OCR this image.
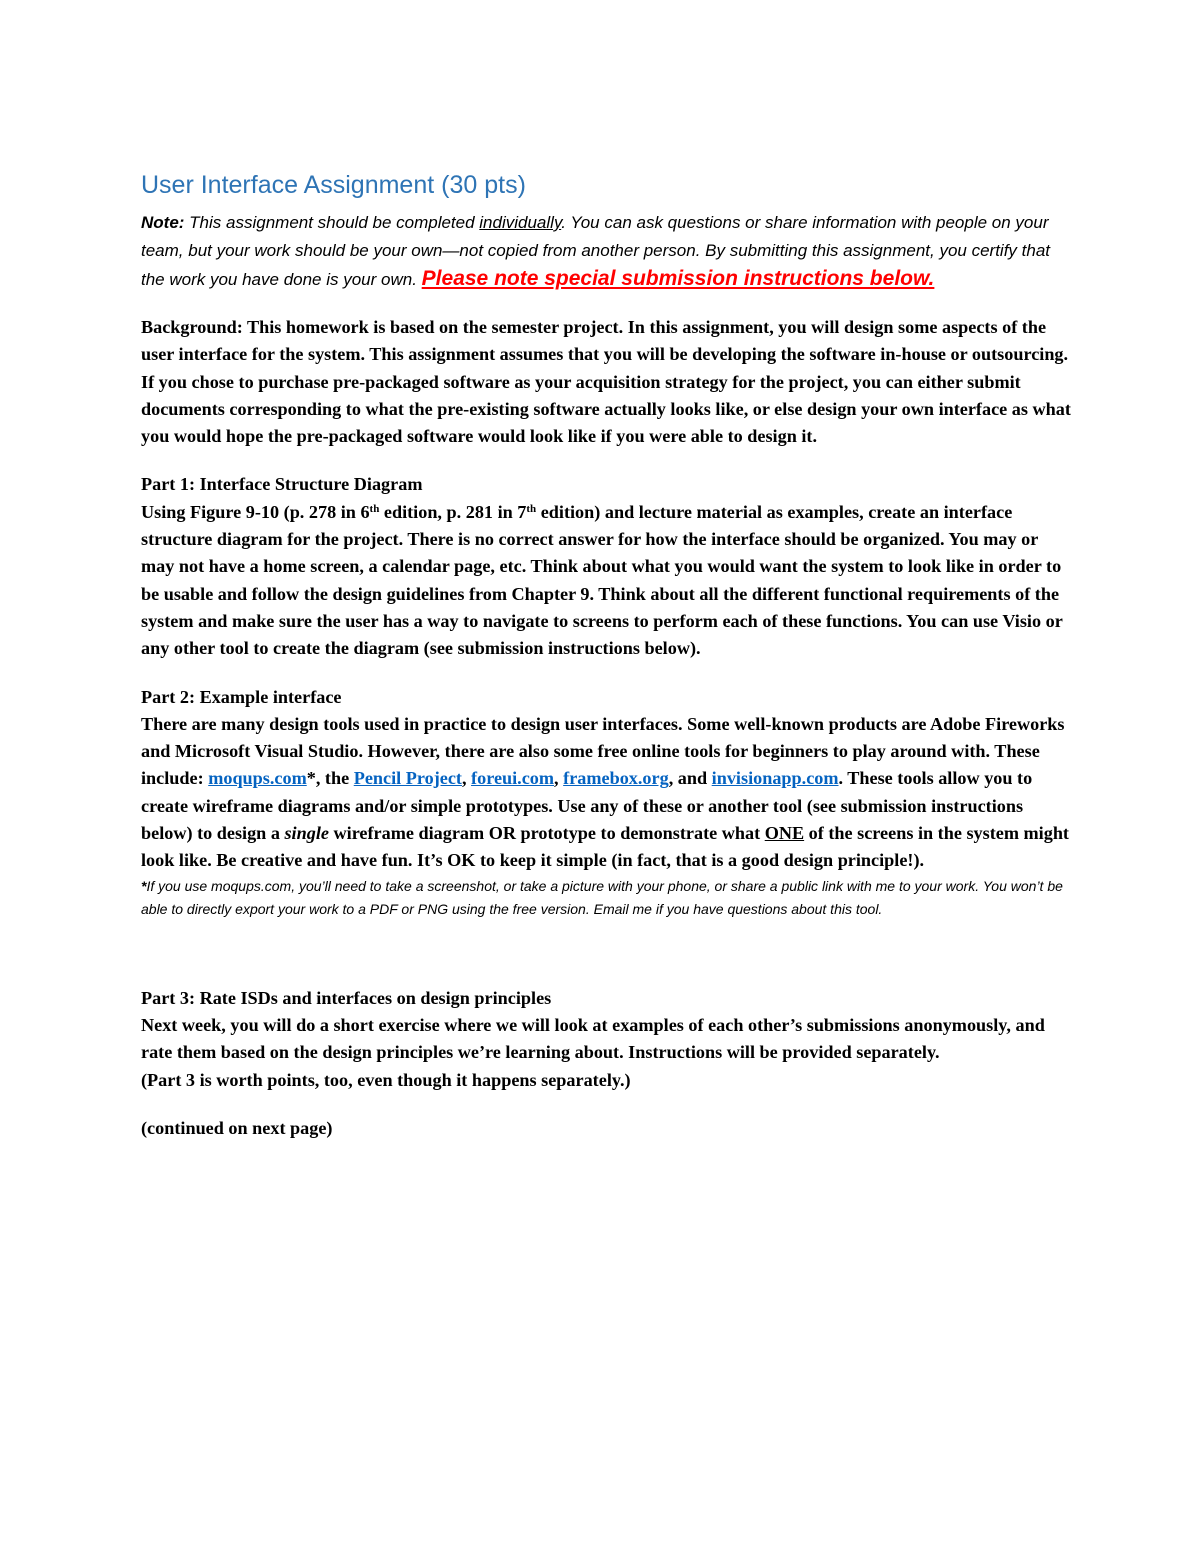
User Interface Assignment (30 pts)

Note: This assignment should be completed individually. You can ask questions or share information with people on your team, but your work should be your own—not copied from another person. By submitting this assignment, you certify that the work you have done is your own. Please note special submission instructions below.

Background: This homework is based on the semester project. In this assignment, you will design some aspects of the user interface for the system. This assignment assumes that you will be developing the software in-house or outsourcing. If you chose to purchase pre-packaged software as your acquisition strategy for the project, you can either submit documents corresponding to what the pre-existing software actually looks like, or else design your own interface as what you would hope the pre-packaged software would look like if you were able to design it.

Part 1: Interface Structure Diagram
Using Figure 9-10 (p. 278 in 6th edition, p. 281 in 7th edition) and lecture material as examples, create an interface structure diagram for the project. There is no correct answer for how the interface should be organized. You may or may not have a home screen, a calendar page, etc. Think about what you would want the system to look like in order to be usable and follow the design guidelines from Chapter 9. Think about all the different functional requirements of the system and make sure the user has a way to navigate to screens to perform each of these functions. You can use Visio or any other tool to create the diagram (see submission instructions below).
Part 2: Example interface
There are many design tools used in practice to design user interfaces. Some well-known products are Adobe Fireworks and Microsoft Visual Studio. However, there are also some free online tools for beginners to play around with. These include: moqups.com*, the Pencil Project, foreui.com, framebox.org, and invisionapp.com. These tools allow you to create wireframe diagrams and/or simple prototypes. Use any of these or another tool (see submission instructions below) to design a single wireframe diagram OR prototype to demonstrate what ONE of the screens in the system might look like. Be creative and have fun. It’s OK to keep it simple (in fact, that is a good design principle!).

*If you use moqups.com, you’ll need to take a screenshot, or take a picture with your phone, or share a public link with me to your work. You won’t be able to directly export your work to a PDF or PNG using the free version. Email me if you have questions about this tool.

Part 3: Rate ISDs and interfaces on design principles
Next week, you will do a short exercise where we will look at examples of each other’s submissions anonymously, and rate them based on the design principles we’re learning about. Instructions will be provided separately.
(Part 3 is worth points, too, even though it happens separately.)

(continued on next page)
